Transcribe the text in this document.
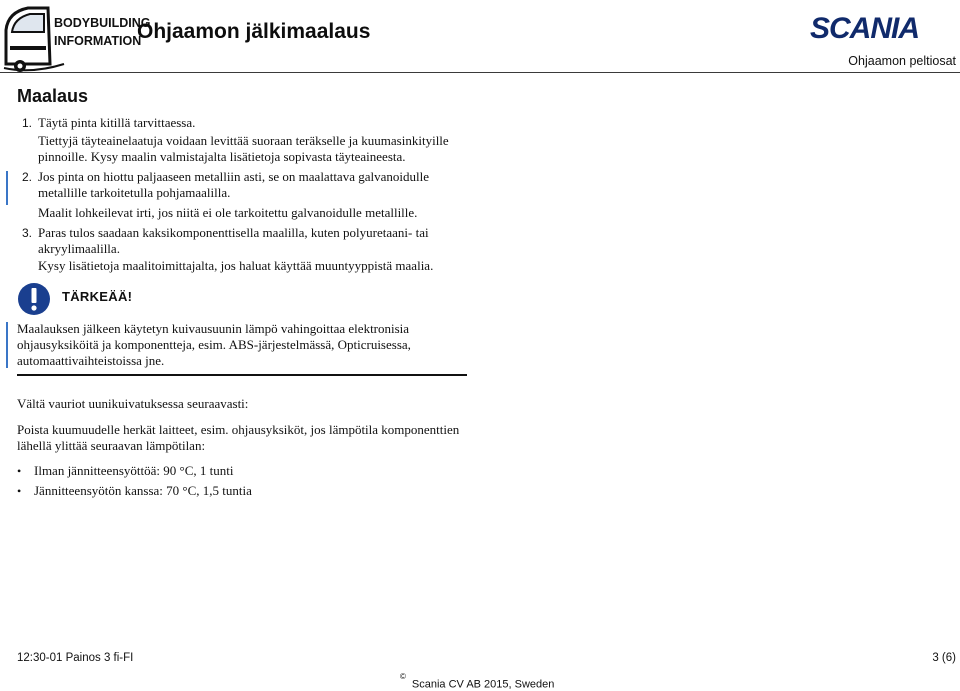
BODYBUILDING
INFORMATION
Ohjaamon jälkimaalaus	SCANIA
Ohjaamon peltiosat
Maalaus
1. Täytä pinta kitillä tarvittaessa.
Tiettyjä täyteainelaatuja voidaan levittää suoraan teräkselle ja kuumasinkityille pinnoille. Kysy maalin valmistajalta lisätietoja sopivasta täyteaineesta.
2. Jos pinta on hiottu paljaaseen metalliin asti, se on maalattava galvanoidulle metallille tarkoitetulla pohjamaalilla.
Maalit lohkeilevat irti, jos niitä ei ole tarkoitettu galvanoidulle metallille.
3. Paras tulos saadaan kaksikomponenttisella maalilla, kuten polyuretaani- tai akryylimaalilla.
Kysy lisätietoja maalitoimittajalta, jos haluat käyttää muuntyyppistä maalia.
TÄRKEÄÄ!
Maalauksen jälkeen käytetyn kuivausuunin lämpö vahingoittaa elektronisia ohjausyksiköitä ja komponentteja, esim. ABS-järjestelmässä, Opticruisessa, automaattivaihteistoissa jne.
Vältä vauriot uunikuivatuksessa seuraavasti:
Poista kuumuudelle herkät laitteet, esim. ohjausyksiköt, jos lämpötila komponenttien lähellä ylittää seuraavan lämpötilan:
• Ilman jännitteensyöttöä: 90 °C, 1 tunti
• Jännitteensyötön kanssa: 70 °C, 1,5 tuntia
12:30-01 Painos 3 fi-FI	3 (6)
©Scania CV AB 2015, Sweden
